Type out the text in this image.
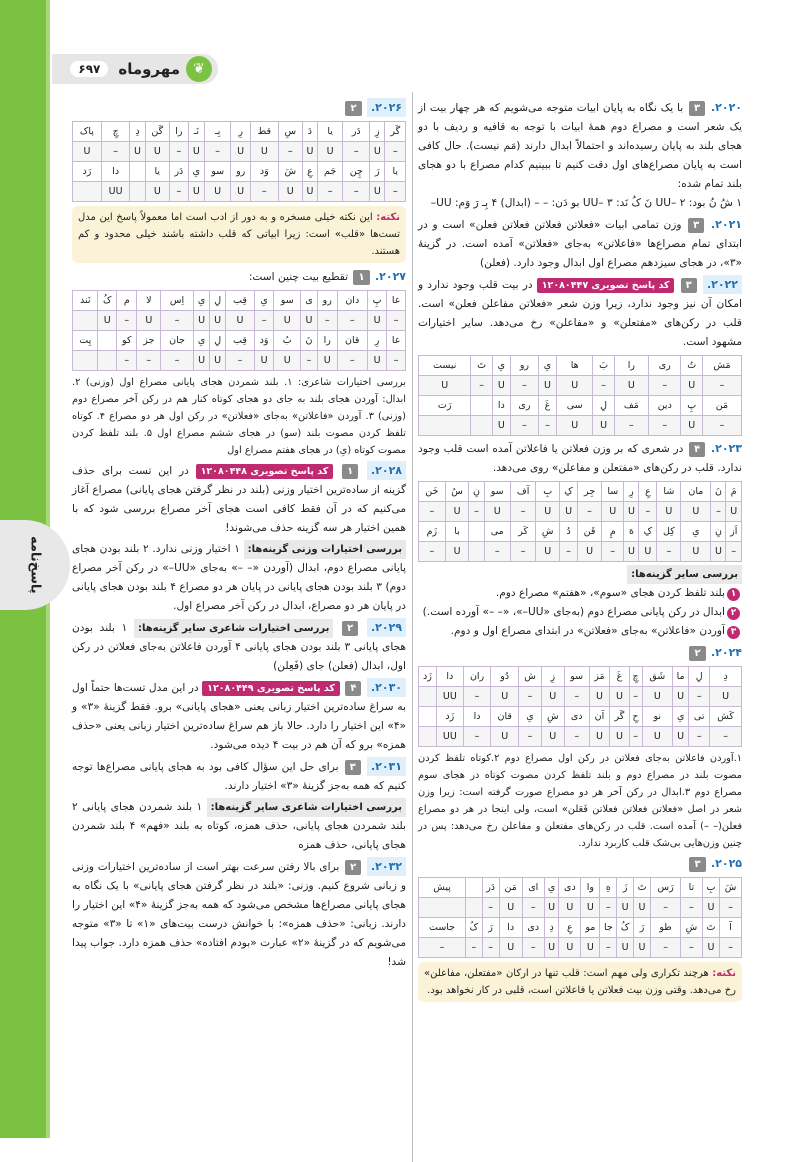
پاسخ‌نامه
❦
مهروماه
۶۹۷
۲۰۲۰. ۳ با یک نگاه به پایان ابیات متوجه می‌شویم که هر چهار بیت از یک شعر است و مصراع دوم همهٔ ابیات با توجه به قافیه و ردیف با دو هجای بلند به پایان رسیده‌اند و احتمالاً ابدال دارند (مَم نیست). حال کافی است به پایان مصراع‌های اول دقت کنیم تا ببینیم کدام مصراع با دو هجای بلند تمام شده:
۱ شُ نُ بود: UU– ۲ نَ کُ نَد: UU– ۳ بو دَن: – – (ابدال) ۴ بِـ رَ وَم: UU–
۲۰۲۱. ۳ وزن تمامی ابیات «فعلاتن فعلاتن فعلاتن فعلن» است و در ابتدای تمام مصراع‌ها «فاعلاتن» به‌جای «فعلاتن» آمده است. در گزینهٔ «۳»، در هجای سیزدهم مصراع اول ابدال وجود دارد. (فعلن)
۲۰۲۲. ۳ کد پاسخ تصویری ۱۲۰۸۰۴۴۷ در بیت قلب وجود ندارد و امکان آن نیز وجود ندارد، زیرا وزن شعر «فعلاتن مفاعلن فعلن» است. قلب در رکن‌های «مفتعلن» و «مفاعلن» رخ می‌دهد. سایر اختیارات مشهود است.
مَش	تُ	ری	را	بَ	ها	یِ	رو	یِ	تَ	نیست
–	U	–	U	–	U	U	–	U	–	U
مَن	پِ	دین	مَف	لِ	سی	غَ	ری	دا		رَت
–	U	–	–	U	U	–	–	U		
۲۰۲۳. ۴ در شعری که بر وزن فعلاتن یا فاعلاتن آمده است قلب وجود ندارد. قلب در رکن‌های «مفتعلن و مفاعلن» روی می‌دهد.
مَ	نَ	مان	شا	عِ	رِ	سا	جِر	کِ	بِ	آف	سو	نِ	سُ	خَن
U	–	U	U	–	U	U	–	U	U	–	U	–	U	–
اَز	نِ	یِ	کِل	کِ	هَ	مِ	قَن	دُ	شِ	کَر	می		با	زَم
–	U	U	–	U	U	–	U	–	U	–	–		U	–
بررسی سایر گزینه‌ها:
۱بلند تلفظ کردن هجای «سوم»، «هفتم» مصراع دوم.
۲ابدال در رکن پایانی مصراع دوم (به‌جای «UU–»، «– –» آورده است.)
۳آوردن «فاعلاتن» به‌جای «فعلاتن» در ابتدای مصراع اول و دوم.
۲۰۲۴. ۲
دِ	لِ	ما	شَق	چِ	غَ	مَز	سو	زِ	ش	دُو	ران	دا	زَد
U	–	U	U	–	U	U	–	U	–	U	–	UU	
کَش	تی	یِ	نو	حِ	گَر	آن	دی	شِ	یِ	قان	دا	زَد	
–	–	U	U	–	U	U	–	U	–	U	–	UU	
۱.آوردن فاعلاتن به‌جای فعلاتن در رکن اول مصراع دوم ۲.کوتاه تلفظ کردن مصوت بلند در مصراع دوم و بلند تلفظ کردن مصوت کوتاه در هجای سوم مصراع دوم ۳.ابدال در رکن آخر هر دو مصراع صورت گرفته است: زیرا وزن شعر در اصل «فعلاتن فعلاتن فعلاتن فَعَلن» است، ولی اینجا در هر دو مصراع فعلن(– –) آمده است. قلب در رکن‌های مفتعلن و مفاعلن رخ می‌دهد: پس در چنین وزن‌هایی بی‌شک قلب کاربرد ندارد.
۲۰۲۵. ۳
شَ	بِ	تا	رَس	تَ	زَ	هِ	وا	دی	یِ	ای	مَن	دَر		پیش
–	U	–	–	U	U	–	U	U	U	–	U	–		
آ	تَ	شِ	طو	رَ	کُ	جا	مو	عِ	دِ	دی	دا	رَ	کُ	جاست
–	U	–	–	U	U	–	U	U	U	–	U	–	–	–
نکته: هرچند تکراری ولی مهم است: قلب تنها در ارکان «مفتعلن، مفاعلن» رخ می‌دهد. وقتی وزن بیت فعلاتن یا فاعلاتن است، قلبی در کار نخواهد بود.
۲۰۲۶. ۲
گَر	زِ	دَر	یا	دَ	سِ	قط	رِ	بِـ	نَـ	را	گَن	دِ	چِ	پاک
–	U	–	U	U	–	U	U	–	U	–	U	U	–	U
یا	رَ	چِن	جَم	عِ	شَ	وَد	رو	سو	یِ	دَر	یا		دا	رَد
–	U	–	–	U	U	–	U	U	U	–	U		UU	
نکته: این نکته خیلی مسخره و به دور از ادب است اما معمولاً پاسخ این مدل تست‌ها «قلب» است: زیرا ابیاتی که قلب داشته باشند خیلی محدود و کم هستند.
۲۰۲۷. ۱ تقطیع بیت چنین است:
عا	پِ	دان	رو	ی	سو	یِ	قِب	لِ	یِ	اِس	لا	م	کُ	نَند
–	U	–	–	U	U	–	U	U	U	–	U	–	U	
عا	رِ	قان	را	نَ	بُ	وَد	قِب	لِ	یِ	جان	جز	کو		یِت
–	U	–	U	–	U	U	–	U	U	–	–	–		
بررسی اختیارات شاعری: ۱. بلند شمردن هجای پایانی مصراع اول (وزنی) ۲. ابدال: آوردن هجای بلند به جای دو هجای کوتاه کنار هم در رکن آخر مصراع دوم (وزنی) ۳. آوردن «فاعلاتن» به‌جای «فعلاتن» در رکن اول هر دو مصراع ۴. کوتاه تلفظ کردن مصوت بلند (سو) در هجای ششم مصراع اول ۵. بلند تلفظ کردن مصوت کوتاه (یِ) در هجای هفتم مصراع اول
۲۰۲۸. ۱ کد پاسخ تصویری ۱۲۰۸۰۴۴۸ در این تست برای حذف گزینه از ساده‌ترین اختیار وزنی (بلند در نظر گرفتن هجای پایانی) مصراع آغاز می‌کنیم که در آن فقط کافی است هجای آخر مصراع بررسی شود که با همین اختیار هر سه گزینه حذف می‌شوند!
بررسی اختیارات وزنی گزینه‌ها: ۱ اختیار وزنی ندارد. ۲ بلند بودن هجای پایانی مصراع دوم، ابدال (آوردن «– –» به‌جای «UU–» در رکن آخر مصراع دوم) ۳ بلند بودن هجای پایانی در پایان هر دو مصراع ۴ بلند بودن هجای پایانی در پایان هر دو مصراع، ابدال در رکن آخر مصراع اول.
۲۰۲۹. ۲ بررسی اختیارات شاعری سایر گزینه‌ها: ۱ بلند بودن هجای پایانی ۳ بلند بودن هجای پایانی ۴ آوردن فاعلاتن به‌جای فعلاتن در رکن اول، ابدال (فعلن) جای (فَعِلن)
۲۰۳۰. ۴ کد پاسخ تصویری ۱۲۰۸۰۴۴۹ در این مدل تست‌ها حتماً اول به سراغ ساده‌ترین اختیار زبانی یعنی «هجای پایانی» برو. فقط گزینهٔ «۳» و «۴» این اختیار را دارد. حالا باز هم سراغ ساده‌ترین اختیار زبانی یعنی «حذف همزه» برو که آن هم در بیت ۴ دیده می‌شود.
۲۰۳۱. ۳ برای حل این سؤال کافی بود به هجای پایانی مصراع‌ها توجه کنیم که همه به‌جز گزینهٔ «۳» اختیار دارند.
بررسی اختیارات شاعری سایر گزینه‌ها: ۱ بلند شمردن هجای پایانی ۲ بلند شمردن هجای پایانی، حذف همزه، کوتاه به بلند «فهم» ۴ بلند شمردن هجای پایانی، حذف همزه
۲۰۳۲. ۲ برای بالا رفتن سرعت بهتر است از ساده‌ترین اختیارات وزنی و زبانی شروع کنیم. وزنی: «بلند در نظر گرفتن هجای پایانی» با یک نگاه به هجای پایانی مصراع‌ها مشخص می‌شود که همه به‌جز گزینهٔ «۴» این اختیار را دارند. زبانی: «حذف همزه»: با خوانش درست بیت‌های «۱» تا «۳» متوجه می‌شویم که در گزینهٔ «۲» عبارت «بودم افتاده» حذف همزه دارد. جواب پیدا شد!
